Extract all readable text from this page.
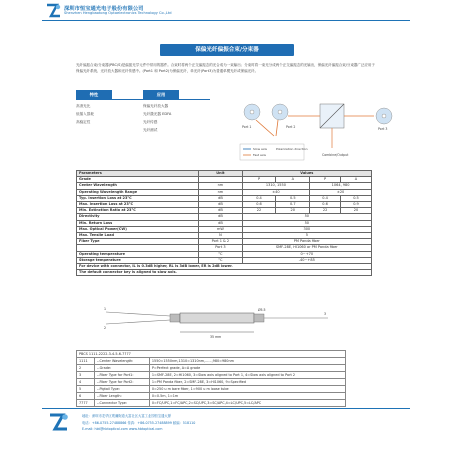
深圳市恒宝通光电子股份有限公司
Shenzhen Hengbaotong Optoelectronics Technology Co.,Ltd
保偏光纤偏振合束/分束器
光纤偏振合束/分束器(PBC/S)是偏振光学元件中常用的器件。合束时将两个正交偏振态的光合成为一束输出；分束时将一束光分成两个正交偏振态的光输出，保偏光纤偏振合束/分束器广泛应用于保偏光纤系统、光纤放大器和光纤传感中。(Port1 和 Port2)为保偏光纤，单光纤(Port3)为普通单模光纤或保偏光纤。
特性	应用
高消光比
低插入损耗
高稳定性
保偏光纤放大器
光纤激光器 EDFA
光纤传感
光纤测试
Port 1	Port 2	Port 3
Combine/Output
Slow axis
Fast axis
Polarization direction
Parameters	Unit	Values			
Grade		P	A	P	A
Center Wavelength	nm	1310, 1550		1064, 980	
Operating Wavelength Range	nm	±40		±20	
Typ. Insertion Loss at 23°C	dB	0.4	0.5	0.4	0.5
Max. Insertion Loss at 23°C	dB	0.6	0.7	0.6	0.9
Min. Extinction Ratio at 23°C	dB	22	20	22	20
Directivity	dB	50			
Min. Return Loss	dB	50			
Max. Optical Power(CW)	mW	300			
Max. Tensile Load	N	5			
Fiber Type	Port 1 & 2	PM Panda fiber			
	Port 3	SMF-28E, HI1060 or PM Panda fiber			
Operating temperature	°C	0~+70			
Storage temperature	°C	-40~+85			
For device with connector, IL is 0.3dB higher, RL is 3dB lower, ER is 2dB lower.					
The default connector key is aligned to slow axis.					
1
2
3
35 mm
Ø5.5
PBCS 1111-2222-3-4-5-6-7777		
1111	--Center Wavelength:	1550=1550nm,1310=1310nm,......,980=980nm
2	--Grade:	P=Perfect grade, A=A grade
3	--Fiber Type for Port1:	1=SMF-28E, 2=HI1060, 3=Slow axis aligned to Port 1, 4=Slow axis aligned to Port 2
4	--Fiber Type for Port2:	1=PM Panda fiber, 2=SMF-28E, 3=HI1060, 9=Specified
5	--Pigtail Type:	0=250 u m bare fiber, 1=900 u m loose tube
6	--Fiber Length:	0=0.5m, 1=1m
7777	--Connector Type:	0=FC/UPC,1=FC/APC,2=SC/UPC,3=SC/APC,4=LC/UPC,5=LC/APC
地址：深圳市龙华区观澜街道大富社区大富工业园恒宝通大厦
电话：+86-0755-27488866 传真：+86-0755-27488899 邮编：518110
E-mail: hbt@hbtoptical.com www.hbtoptical.com
